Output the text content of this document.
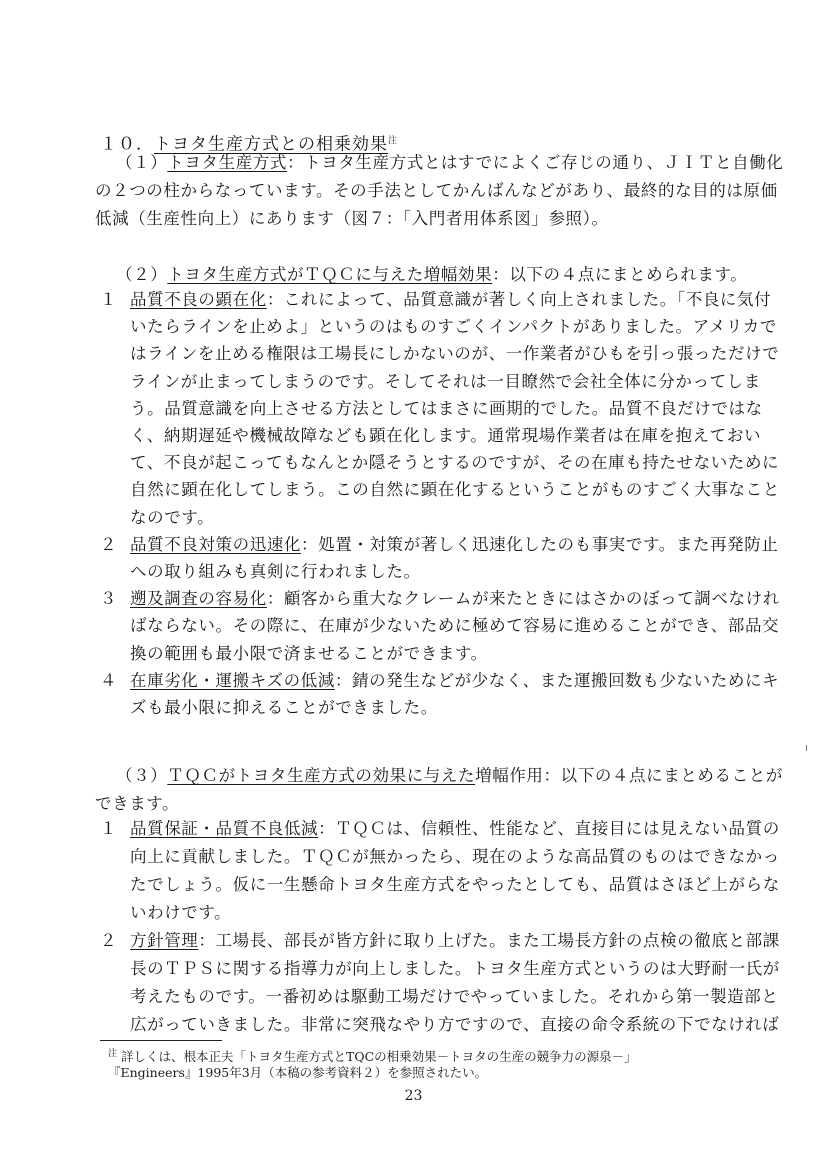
１０．トヨタ生産方式との相乗効果$^注$
（１）トヨタ生産方式：トヨタ生産方式とはすでによくご存じの通り、ＪＩＴと自働化
の２つの柱からなっています。その手法としてかんばんなどがあり、最終的な目的は原価
低減（生産性向上）にあります（図７：「入門者用体系図」参照）。
（２）トヨタ生産方式がＴＱＣに与えた増幅効果：以下の４点にまとめられます。
１ 品質不良の顕在化：これによって、品質意識が著しく向上されました。「不良に気付
いたらラインを止めよ」というのはものすごくインパクトがありました。アメリカで
はラインを止める権限は工場長にしかないのが、一作業者がひもを引っ張っただけで
ラインが止まってしまうのです。そしてそれは一目瞭然で会社全体に分かってしま
う。品質意識を向上させる方法としてはまさに画期的でした。品質不良だけではな
く、納期遅延や機械故障なども顕在化します。通常現場作業者は在庫を抱えておい
て、不良が起こってもなんとか隠そうとするのですが、その在庫も持たせないために
自然に顕在化してしまう。この自然に顕在化するということがものすごく大事なこと
なのです。
２ 品質不良対策の迅速化：処置・対策が著しく迅速化したのも事実です。また再発防止
への取り組みも真剣に行われました。
３ 遡及調査の容易化：顧客から重大なクレームが来たときにはさかのぼって調べなけれ
ばならない。その際に、在庫が少ないために極めて容易に進めることができ、部品交
換の範囲も最小限で済ませることができます。
４ 在庫劣化・運搬キズの低減：錆の発生などが少なく、また運搬回数も少ないためにキ
ズも最小限に抑えることができました。
（３）ＴＱＣがトヨタ生産方式の効果に与えた増幅作用：以下の４点にまとめることが
できます。
１ 品質保証・品質不良低減：ＴＱＣは、信頼性、性能など、直接目には見えない品質の
向上に貢献しました。ＴＱＣが無かったら、現在のような高品質のものはできなかっ
たでしょう。仮に一生懸命トヨタ生産方式をやったとしても、品質はさほど上がらな
いわけです。
２ 方針管理：工場長、部長が皆方針に取り上げた。また工場長方針の点検の徹底と部課
長のＴＰＳに関する指導力が向上しました。トヨタ生産方式というのは大野耐一氏が
考えたものです。一番初めは駆動工場だけでやっていました。それから第一製造部と
広がっていきました。非常に突飛なやり方ですので、直接の命令系統の下でなければ
$^注$ 詳しくは、根本正夫「トヨタ生産方式とTQCの相乗効果－トヨタの生産の競争力の源泉－」
『Engineers』1995年3月（本稿の参考資料２）を参照されたい。
23
